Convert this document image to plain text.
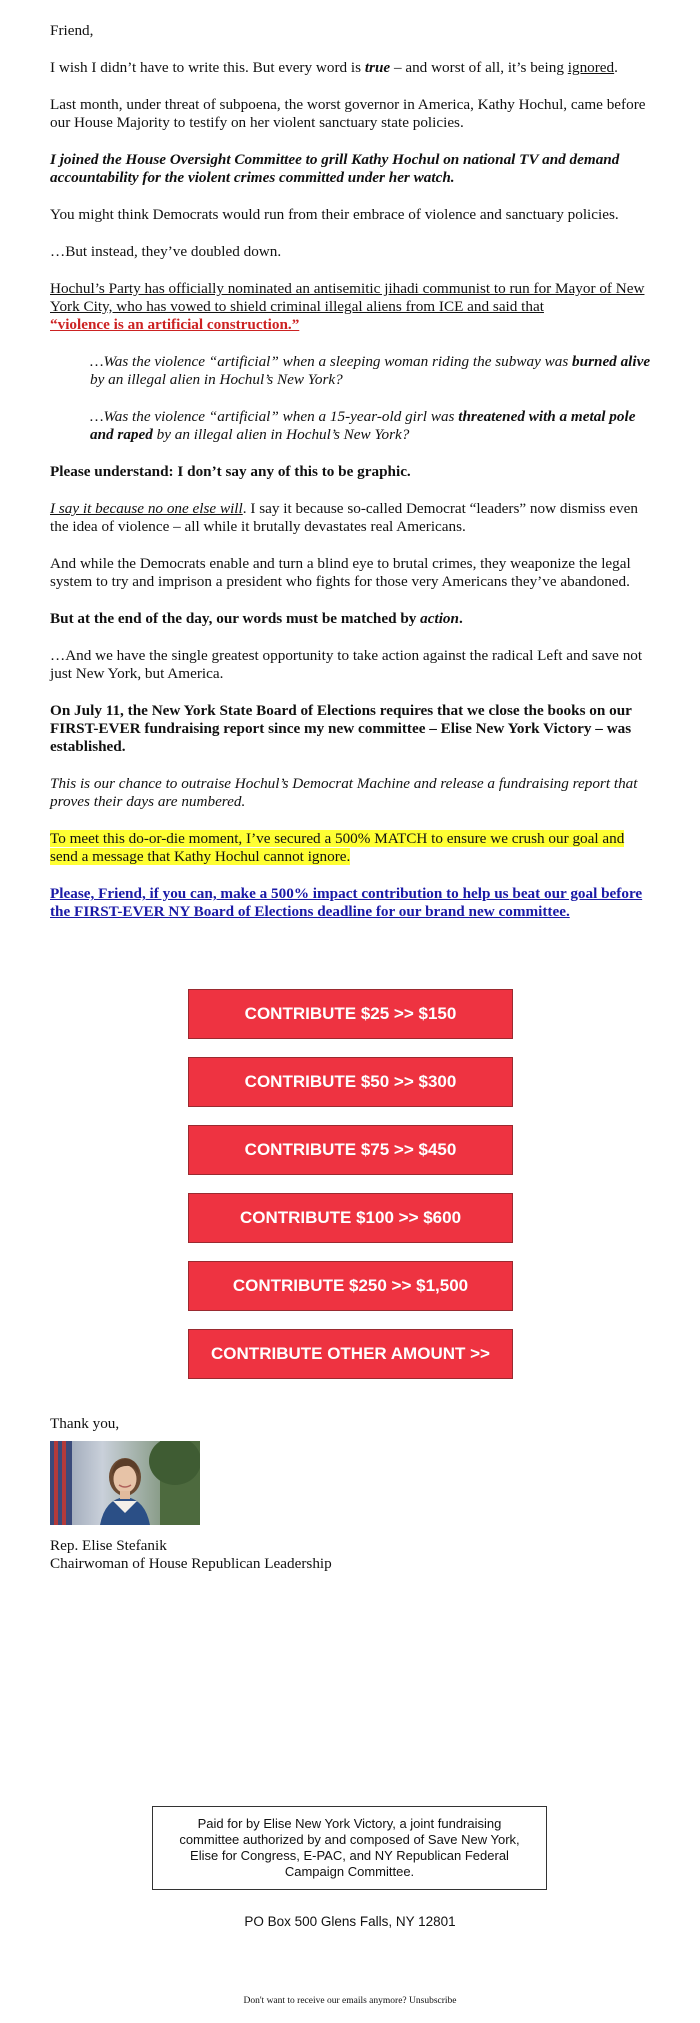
Friend,

I wish I didn’t have to write this. But every word is true – and worst of all, it’s being ignored.

Last month, under threat of subpoena, the worst governor in America, Kathy Hochul, came before our House Majority to testify on her violent sanctuary state policies.

I joined the House Oversight Committee to grill Kathy Hochul on national TV and demand accountability for the violent crimes committed under her watch.

You might think Democrats would run from their embrace of violence and sanctuary policies.

…But instead, they’ve doubled down.

Hochul’s Party has officially nominated an antisemitic jihadi communist to run for Mayor of New York City, who has vowed to shield criminal illegal aliens from ICE and said that
“violence is an artificial construction.”

…Was the violence “artificial” when a sleeping woman riding the subway was burned alive by an illegal alien in Hochul’s New York?

…Was the violence “artificial” when a 15-year-old girl was threatened with a metal pole and raped by an illegal alien in Hochul’s New York?

Please understand: I don’t say any of this to be graphic.

I say it because no one else will. I say it because so-called Democrat “leaders” now dismiss even the idea of violence – all while it brutally devastates real Americans.

And while the Democrats enable and turn a blind eye to brutal crimes, they weaponize the legal system to try and imprison a president who fights for those very Americans they’ve abandoned.

But at the end of the day, our words must be matched by action.

…And we have the single greatest opportunity to take action against the radical Left and save not just New York, but America.

On July 11, the New York State Board of Elections requires that we close the books on our FIRST-EVER fundraising report since my new committee – Elise New York Victory – was established.

This is our chance to outraise Hochul’s Democrat Machine and release a fundraising report that proves their days are numbered.

To meet this do-or-die moment, I’ve secured a 500% MATCH to ensure we crush our goal and send a message that Kathy Hochul cannot ignore.

Please, Friend, if you can, make a 500% impact contribution to help us beat our goal before the FIRST-EVER NY Board of Elections deadline for our brand new committee.

CONTRIBUTE $25 >> $150
CONTRIBUTE $50 >> $300
CONTRIBUTE $75 >> $450
CONTRIBUTE $100 >> $600
CONTRIBUTE $250 >> $1,500
CONTRIBUTE OTHER AMOUNT >>

Thank you,

Rep. Elise Stefanik

Chairwoman of House Republican Leadership

Paid for by Elise New York Victory, a joint fundraising committee authorized by and composed of Save New York, Elise for Congress, E-PAC, and NY Republican Federal Campaign Committee.
PO Box 500 Glens Falls, NY 12801
Don't want to receive our emails anymore? Unsubscribe
